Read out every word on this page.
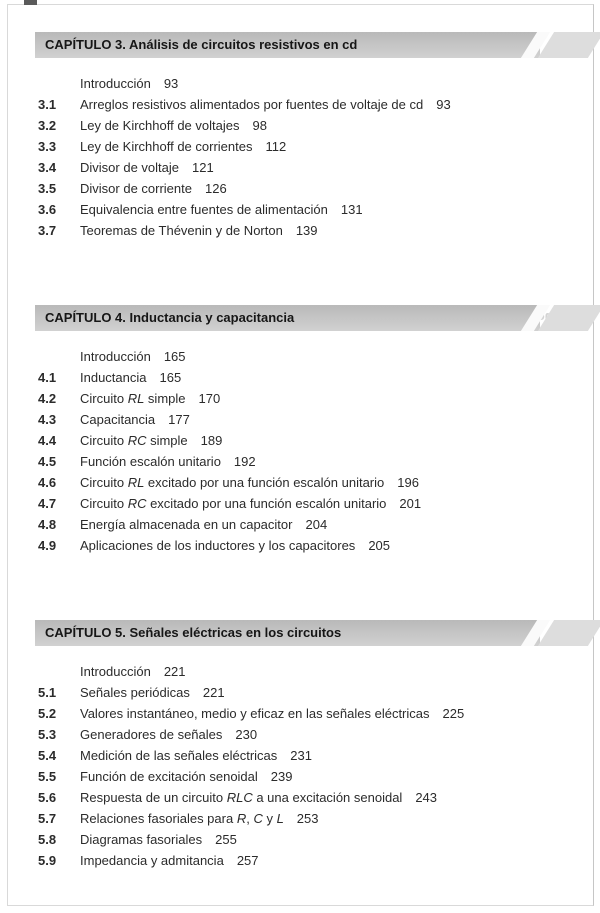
CAPÍTULO 3. Análisis de circuitos resistivos en cd
Introducción 93
3.1	Arreglos resistivos alimentados por fuentes de voltaje de cd 93
3.2	Ley de Kirchhoff de voltajes 98
3.3	Ley de Kirchhoff de corrientes 112
3.4	Divisor de voltaje 121
3.5	Divisor de corriente 126
3.6	Equivalencia entre fuentes de alimentación 131
3.7	Teoremas de Thévenin y de Norton 139
CAPÍTULO 4. Inductancia y capacitancia
Introducción 165
4.1	Inductancia 165
4.2	Circuito RL simple 170
4.3	Capacitancia 177
4.4	Circuito RC simple 189
4.5	Función escalón unitario 192
4.6	Circuito RL excitado por una función escalón unitario 196
4.7	Circuito RC excitado por una función escalón unitario 201
4.8	Energía almacenada en un capacitor 204
4.9	Aplicaciones de los inductores y los capacitores 205
CAPÍTULO 5. Señales eléctricas en los circuitos
Introducción 221
5.1	Señales periódicas 221
5.2	Valores instantáneo, medio y eficaz en las señales eléctricas 225
5.3	Generadores de señales 230
5.4	Medición de las señales eléctricas 231
5.5	Función de excitación senoidal 239
5.6	Respuesta de un circuito RLC a una excitación senoidal 243
5.7	Relaciones fasoriales para R, C y L 253
5.8	Diagramas fasoriales 255
5.9	Impedancia y admitancia 257
